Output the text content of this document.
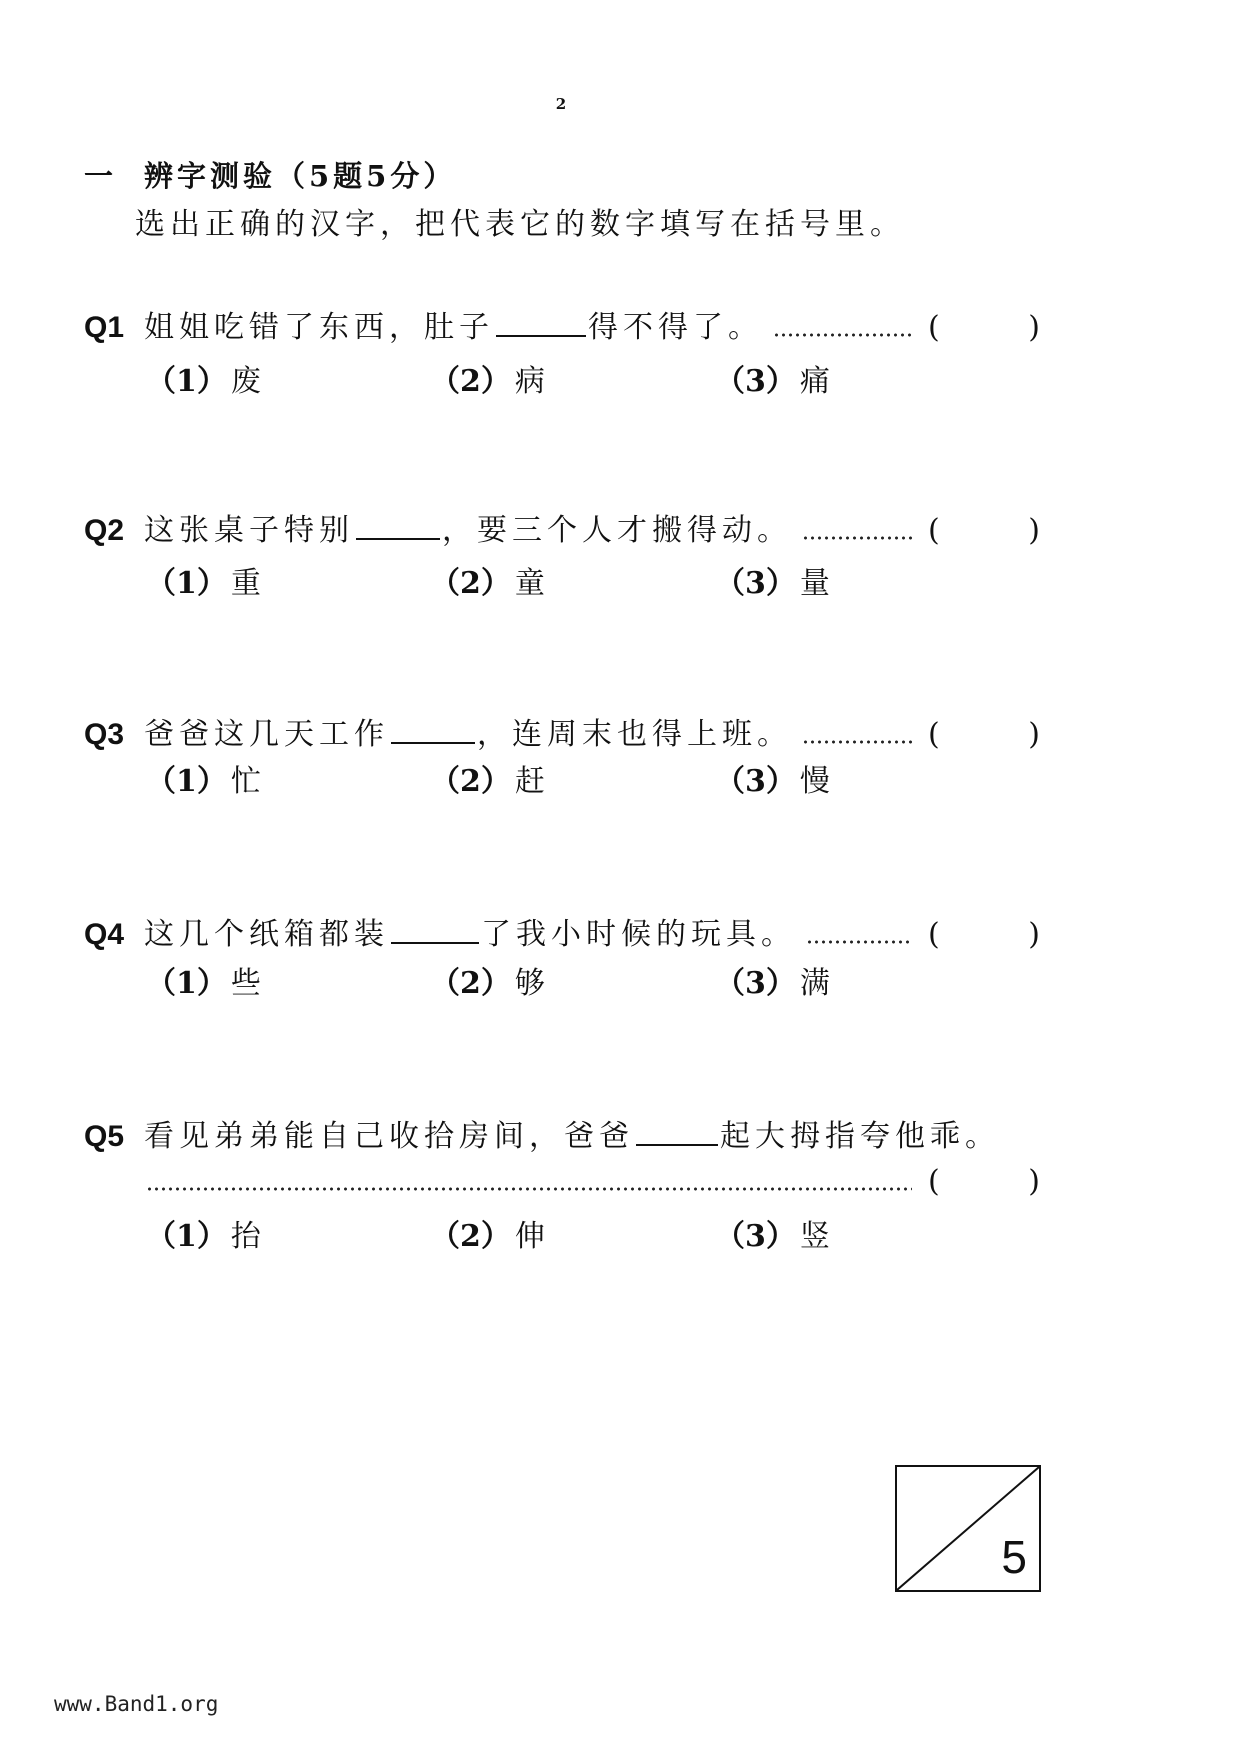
2
一 辨字测验（5题5分）
选出正确的汉字，把代表它的数字填写在括号里。
Q1 姐姐吃错了东西，肚子	得不得了。	(	)
（1） 废	（2） 病	（3） 痛
Q2 这张桌子特别	，要三个人才搬得动。	(	)
（1） 重	（2） 童	（3） 量
Q3 爸爸这几天工作	，连周末也得上班。	(	)
（1） 忙	（2） 赶	（3） 慢
Q4 这几个纸箱都装	了我小时候的玩具。	(	)
（1） 些	（2） 够	（3） 满
Q5 看见弟弟能自己收拾房间，爸爸	起大拇指夸他乖。
(	)
（1） 抬	（2） 伸	（3） 竖
5
www.Band1.org
